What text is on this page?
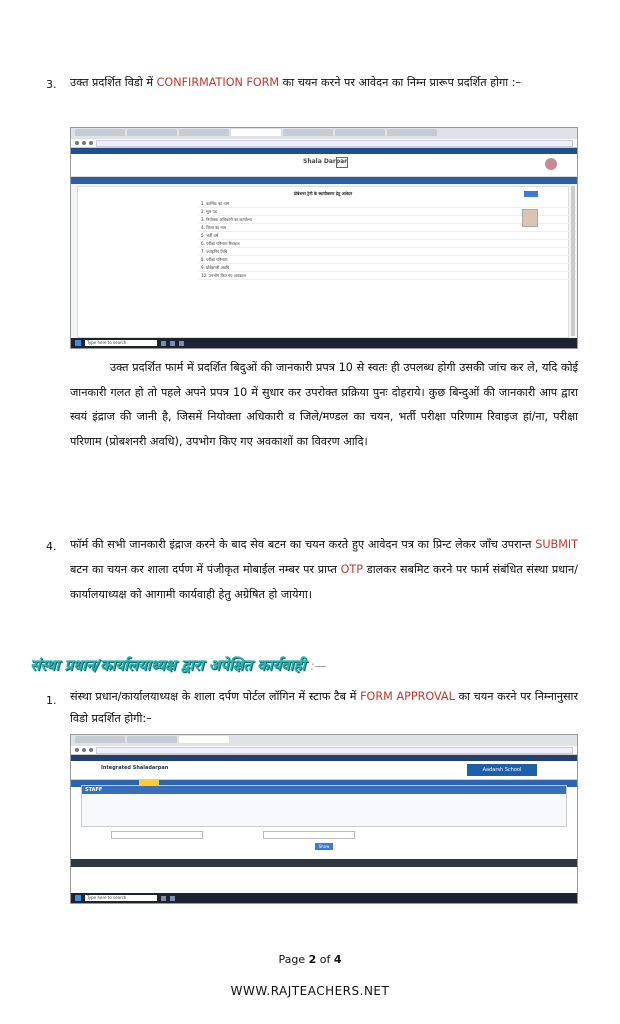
3. उक्त प्रदर्शित विडो में CONFIRMATION FORM का चयन करने पर आवेदन का निम्न प्रारूप प्रदर्शित होगा :–
Shala Darpan
प्रोबेशनर ट्रेनी के स्थायीकरण हेतु आवेदन
1. कार्मिक का नाम
2. मूल पद
3. नियोक्ता अधिकारी का कार्यालय
4. जिला का नाम
5. भर्ती वर्ष
6. परीक्षा परिणाम रिवाइज
7. ज्वाइनिंग तिथि
8. परीक्षा परिणाम
9. प्रोबेशनरी अवधि
10. उपभोग किए गए अवकाश
Type here to search
उक्त प्रदर्शित फार्म में प्रदर्शित बिदुओं की जानकारी प्रपत्र 10 से स्वतः ही उपलब्ध होगी उसकी जांच कर ले, यदि कोई जानकारी गलत हो तो पहले अपने प्रपत्र 10 में सुधार कर उपरोक्त प्रक्रिया पुनः दोहराये। कुछ बिन्दुओं की जानकारी आप द्वारा स्वयं इंद्राज की जानी है, जिसमें नियोक्ता अधिकारी व जिले/मण्डल का चयन, भर्ती परीक्षा परिणाम रिवाइज हां/ना, परीक्षा परिणाम (प्रोबशनरी अवधि), उपभोग किए गए अवकाशों का विवरण आदि।
4. फॉर्म की सभी जानकारी इंद्राज करने के बाद सेव बटन का चयन करते हुए आवेदन पत्र का प्रिन्ट लेकर जॉंच उपरान्त SUBMIT बटन का चयन कर शाला दर्पण में पंजीकृत मोबाईल नम्बर पर प्राप्त OTP डालकर सबमिट करने पर फार्म संबंधित संस्था प्रधान/कार्यालयाध्यक्ष को आगामी कार्यवाही हेतु अग्रेषित हो जायेगा।
संस्था प्रधान/कार्यालयाध्यक्ष द्वारा अपेक्षित कार्यवाही :—
1. संस्था प्रधान/कार्यालयाध्यक्ष के शाला दर्पण पोर्टल लॉगिन में स्टाफ टैब में FORM APPROVAL का चयन करने पर निम्नानुसार विडो प्रदर्शित होगी:–
Integrated Shaladarpan	Aadarsh School
STAFF
Show
Type here to search
Page 2 of 4
WWW.RAJTEACHERS.NET
